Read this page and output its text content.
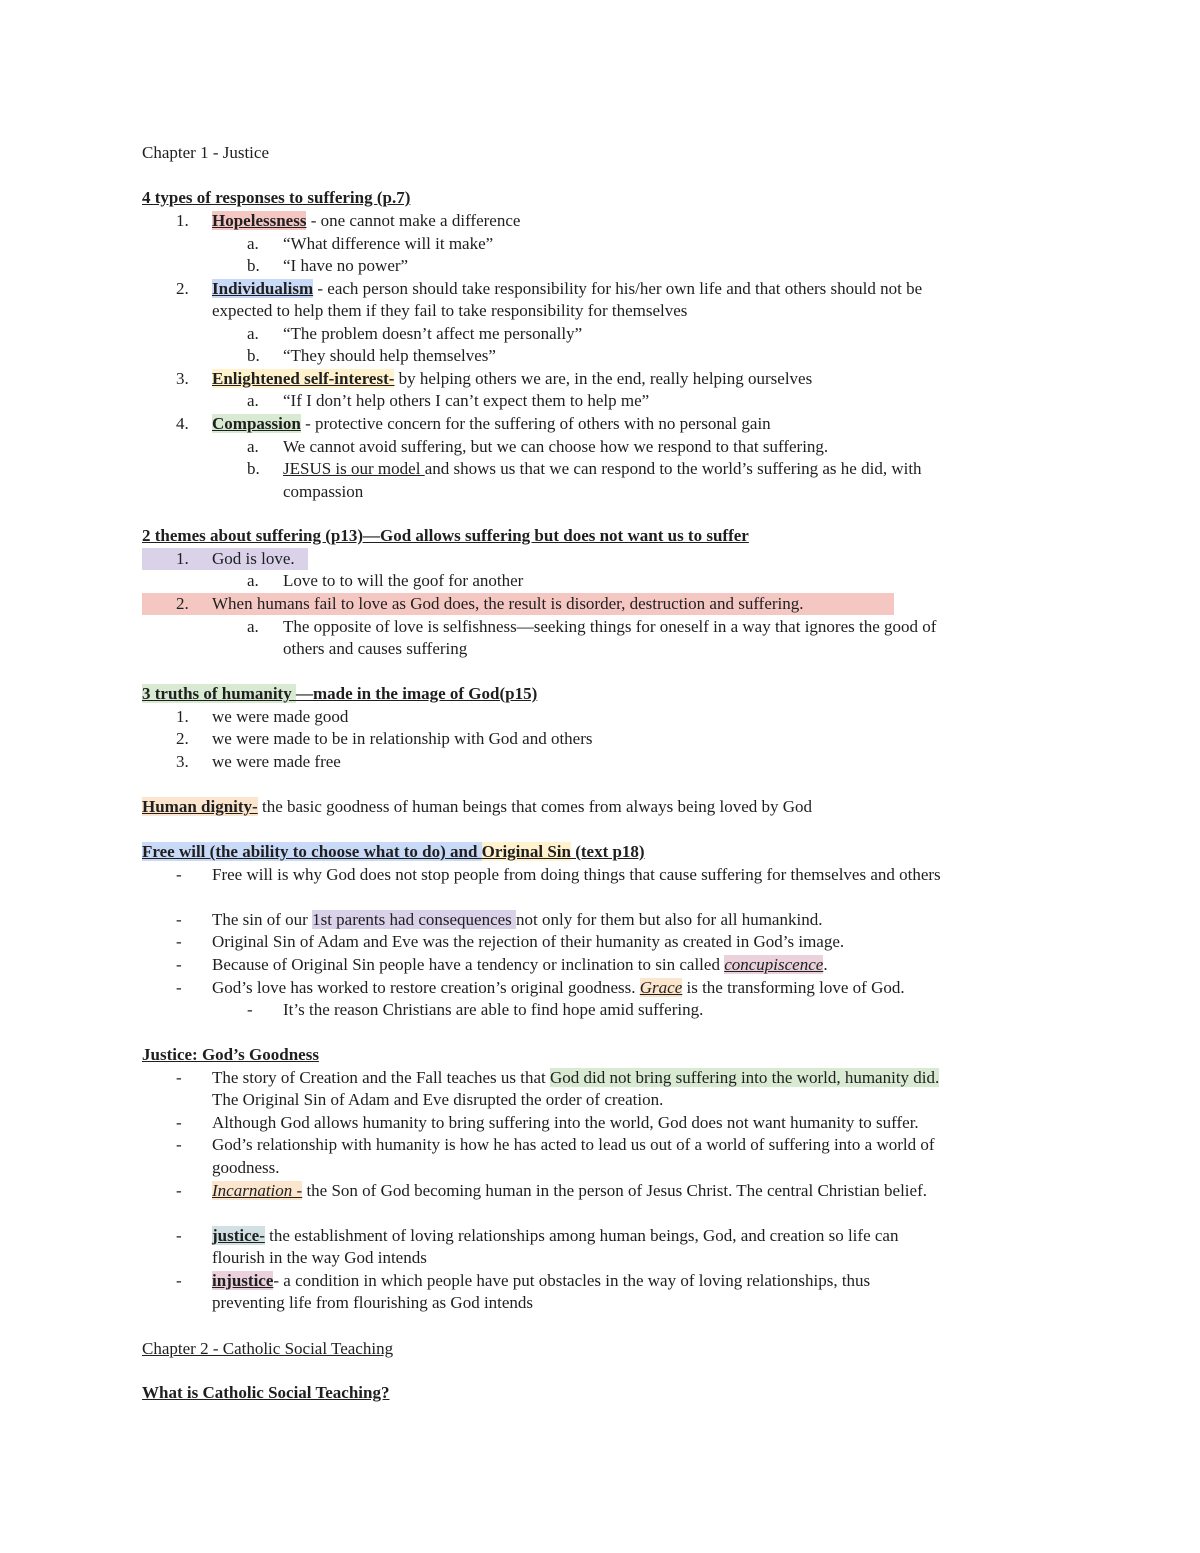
Chapter 1 - Justice
4 types of responses to suffering (p.7)
1. Hopelessness - one cannot make a difference
a. “What difference will it make”
b. “I have no power”
2. Individualism - each person should take responsibility for his/her own life and that others should not be
expected to help them if they fail to take responsibility for themselves
a. “The problem doesn’t affect me personally”
b. “They should help themselves”
3. Enlightened self-interest- by helping others we are, in the end, really helping ourselves
a. “If I don’t help others I can’t expect them to help me”
4. Compassion - protective concern for the suffering of others with no personal gain
a. We cannot avoid suffering, but we can choose how we respond to that suffering.
b. JESUS is our model and shows us that we can respond to the world’s suffering as he did, with
compassion
2 themes about suffering (p13)—God allows suffering but does not want us to suffer
1.	God is love.
a. Love to to will the goof for another
2.	When humans fail to love as God does, the result is disorder, destruction and suffering.
a. The opposite of love is selfishness—seeking things for oneself in a way that ignores the good of
others and causes suffering
3 truths of humanity —made in the image of God(p15)
1. we were made good
2. we were made to be in relationship with God and others
3. we were made free
Human dignity- the basic goodness of human beings that comes from always being loved by God
Free will (the ability to choose what to do) and Original Sin (text p18)
- Free will is why God does not stop people from doing things that cause suffering for themselves and others
- The sin of our 1st parents had consequences not only for them but also for all humankind.
- Original Sin of Adam and Eve was the rejection of their humanity as created in God’s image.
- Because of Original Sin people have a tendency or inclination to sin called concupiscence.
- God’s love has worked to restore creation’s original goodness. Grace is the transforming love of God.
- It’s the reason Christians are able to find hope amid suffering.
Justice: God’s Goodness
- The story of Creation and the Fall teaches us that God did not bring suffering into the world, humanity did.
The Original Sin of Adam and Eve disrupted the order of creation.
- Although God allows humanity to bring suffering into the world, God does not want humanity to suffer.
- God’s relationship with humanity is how he has acted to lead us out of a world of suffering into a world of
goodness.
- Incarnation - the Son of God becoming human in the person of Jesus Christ. The central Christian belief.
- justice- the establishment of loving relationships among human beings, God, and creation so life can
flourish in the way God intends
- injustice- a condition in which people have put obstacles in the way of loving relationships, thus
preventing life from flourishing as God intends
Chapter 2 - Catholic Social Teaching
What is Catholic Social Teaching?
